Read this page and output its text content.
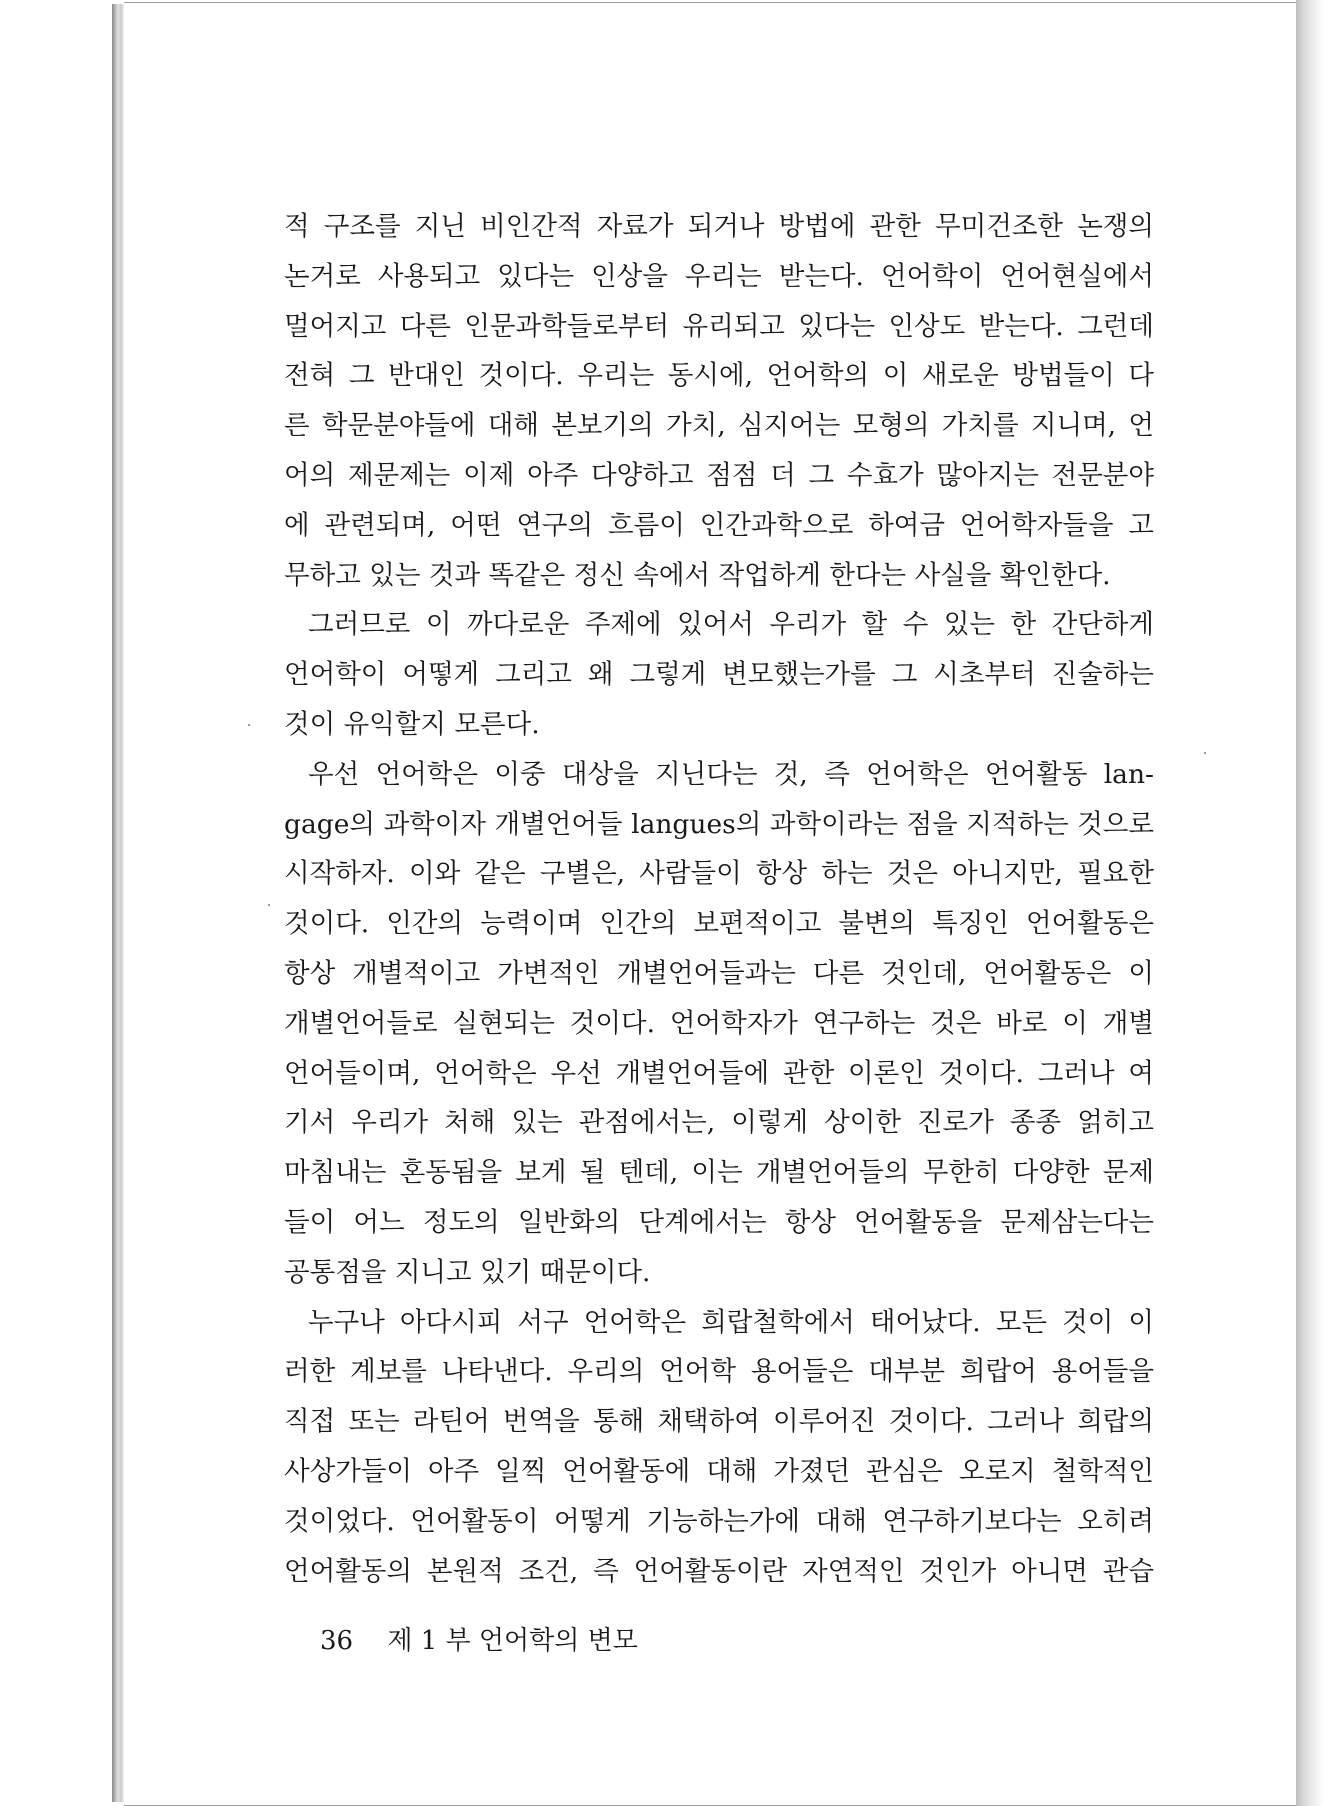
적 구조를 지닌 비인간적 자료가 되거나 방법에 관한 무미건조한 논쟁의
논거로 사용되고 있다는 인상을 우리는 받는다. 언어학이 언어현실에서
멀어지고 다른 인문과학들로부터 유리되고 있다는 인상도 받는다. 그런데
전혀 그 반대인 것이다. 우리는 동시에, 언어학의 이 새로운 방법들이 다
른 학문분야들에 대해 본보기의 가치, 심지어는 모형의 가치를 지니며, 언
어의 제문제는 이제 아주 다양하고 점점 더 그 수효가 많아지는 전문분야
에 관련되며, 어떤 연구의 흐름이 인간과학으로 하여금 언어학자들을 고
무하고 있는 것과 똑같은 정신 속에서 작업하게 한다는 사실을 확인한다.
그러므로 이 까다로운 주제에 있어서 우리가 할 수 있는 한 간단하게
언어학이 어떻게 그리고 왜 그렇게 변모했는가를 그 시초부터 진술하는
것이 유익할지 모른다.
우선 언어학은 이중 대상을 지닌다는 것, 즉 언어학은 언어활동 lan-
gage의 과학이자 개별언어들 langues의 과학이라는 점을 지적하는 것으로
시작하자. 이와 같은 구별은, 사람들이 항상 하는 것은 아니지만, 필요한
것이다. 인간의 능력이며 인간의 보편적이고 불변의 특징인 언어활동은
항상 개별적이고 가변적인 개별언어들과는 다른 것인데, 언어활동은 이
개별언어들로 실현되는 것이다. 언어학자가 연구하는 것은 바로 이 개별
언어들이며, 언어학은 우선 개별언어들에 관한 이론인 것이다. 그러나 여
기서 우리가 처해 있는 관점에서는, 이렇게 상이한 진로가 종종 얽히고
마침내는 혼동됨을 보게 될 텐데, 이는 개별언어들의 무한히 다양한 문제
들이 어느 정도의 일반화의 단계에서는 항상 언어활동을 문제삼는다는
공통점을 지니고 있기 때문이다.
누구나 아다시피 서구 언어학은 희랍철학에서 태어났다. 모든 것이 이
러한 계보를 나타낸다. 우리의 언어학 용어들은 대부분 희랍어 용어들을
직접 또는 라틴어 번역을 통해 채택하여 이루어진 것이다. 그러나 희랍의
사상가들이 아주 일찍 언어활동에 대해 가졌던 관심은 오로지 철학적인
것이었다. 언어활동이 어떻게 기능하는가에 대해 연구하기보다는 오히려
언어활동의 본원적 조건, 즉 언어활동이란 자연적인 것인가 아니면 관습
36 제 1 부 언어학의 변모
